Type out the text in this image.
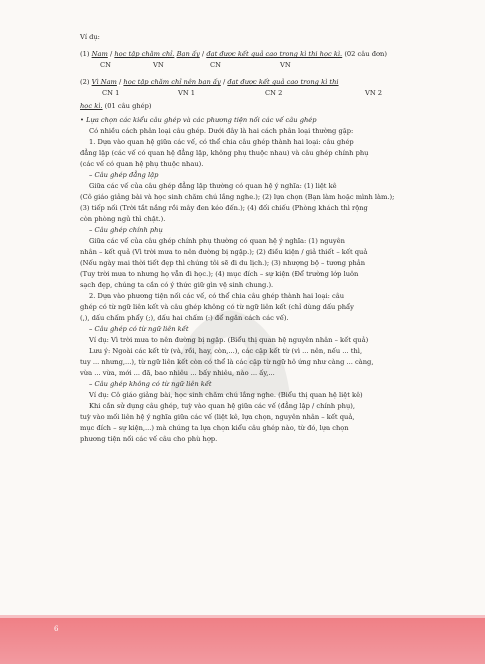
Ví dụ:
(1) Nam / học tập chăm chỉ. Bạn ấy / đạt được kết quả cao trong kì thi học kì. (02 câu đơn)
CN	VN	CN	VN
(2) Vì Nam / học tập chăm chỉ nên bạn ấy / đạt được kết quả cao trong kì thi
CN 1	VN 1	CN 2	VN 2
học kì. (01 câu ghép)
• Lựa chọn các kiểu câu ghép và các phương tiện nối các vế câu ghép
Có nhiều cách phân loại câu ghép. Dưới đây là hai cách phân loại thường gặp:
1. Dựa vào quan hệ giữa các vế, có thể chia câu ghép thành hai loại: câu ghép
đẳng lập (các vế có quan hệ đẳng lập, không phụ thuộc nhau) và câu ghép chính phụ
(các vế có quan hệ phụ thuộc nhau).
– Câu ghép đẳng lập
Giữa các vế của câu ghép đẳng lập thường có quan hệ ý nghĩa: (1) liệt kê
(Cô giáo giảng bài và học sinh chăm chú lắng nghe.); (2) lựa chọn (Bạn làm hoặc mình làm.);
(3) tiếp nối (Trời tắt nắng rồi mây đen kéo đến.); (4) đối chiếu (Phòng khách thì rộng
còn phòng ngủ thì chật.).
– Câu ghép chính phụ
Giữa các vế của câu ghép chính phụ thường có quan hệ ý nghĩa: (1) nguyên
nhân – kết quả (Vì trời mưa to nên đường bị ngập.); (2) điều kiện / giả thiết – kết quả
(Nếu ngày mai thời tiết đẹp thì chúng tôi sẽ đi du lịch.); (3) nhượng bộ – tương phản
(Tuy trời mưa to nhưng họ vẫn đi học.); (4) mục đích – sự kiện (Để trường lớp luôn
sạch đẹp, chúng ta cần có ý thức giữ gìn vệ sinh chung.).
2. Dựa vào phương tiện nối các vế, có thể chia câu ghép thành hai loại: câu
ghép có từ ngữ liên kết và câu ghép không có từ ngữ liên kết (chỉ dùng dấu phẩy
(,), dấu chấm phẩy (;), dấu hai chấm (:) để ngăn cách các vế).
– Câu ghép có từ ngữ liên kết
Ví dụ: Vì trời mưa to nên đường bị ngập. (Biểu thị quan hệ nguyên nhân – kết quả)
Lưu ý: Ngoài các kết từ (và, rồi, hay, còn,...), các cặp kết từ (vì ... nên, nếu ... thì,
tuy ... nhưng,...), từ ngữ liên kết còn có thể là các cặp từ ngữ hô ứng như càng ... càng,
vừa ... vừa, mới ... đã, bao nhiêu ... bấy nhiêu, nào ... ấy,...
– Câu ghép không có từ ngữ liên kết
Ví dụ: Cô giáo giảng bài, học sinh chăm chú lắng nghe. (Biểu thị quan hệ liệt kê)
Khi cần sử dụng câu ghép, tuỳ vào quan hệ giữa các vế (đẳng lập / chính phụ),
tuỳ vào mối liên hệ ý nghĩa giữa các vế (liệt kê, lựa chọn, nguyên nhân – kết quả,
mục đích – sự kiện,...) mà chúng ta lựa chọn kiểu câu ghép nào, từ đó, lựa chọn
phương tiện nối các vế câu cho phù hợp.
6
